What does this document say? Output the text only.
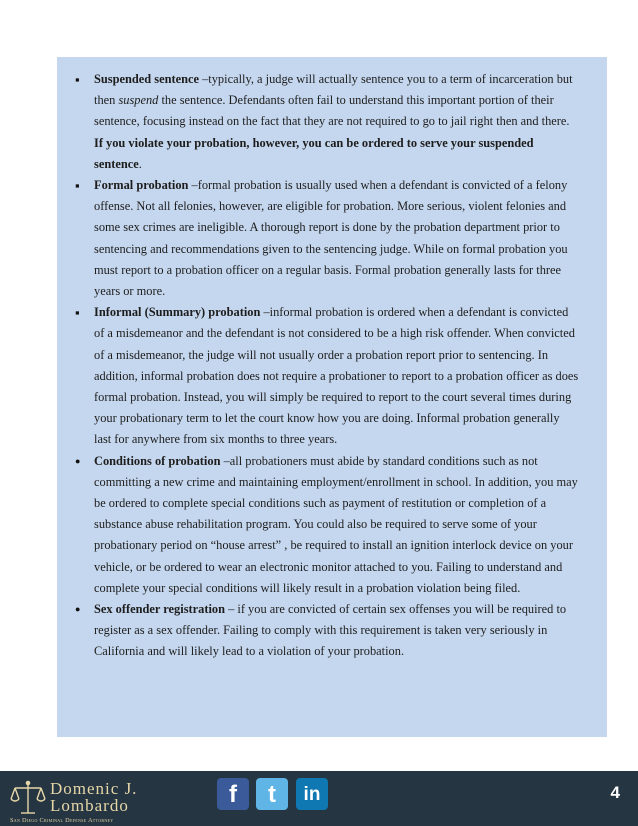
▪
Suspended sentence –typically, a judge will actually sentence you to a term of incarceration but then suspend the sentence. Defendants often fail to understand this important portion of their sentence, focusing instead on the fact that they are not required to go to jail right then and there. If you violate your probation, however, you can be ordered to serve your suspended sentence.
▪
Formal probation –formal probation is usually used when a defendant is convicted of a felony offense. Not all felonies, however, are eligible for probation. More serious, violent felonies and some sex crimes are ineligible. A thorough report is done by the probation department prior to sentencing and recommendations given to the sentencing judge. While on formal probation you must report to a probation officer on a regular basis. Formal probation generally lasts for three years or more.
▪
Informal (Summary) probation –informal probation is ordered when a defendant is convicted of a misdemeanor and the defendant is not considered to be a high risk offender. When convicted of a misdemeanor, the judge will not usually order a probation report prior to sentencing. In addition, informal probation does not require a probationer to report to a probation officer as does formal probation. Instead, you will simply be required to report to the court several times during your probationary term to let the court know how you are doing. Informal probation generally last for anywhere from six months to three years.
●
Conditions of probation –all probationers must abide by standard conditions such as not committing a new crime and maintaining employment/enrollment in school. In addition, you may be ordered to complete special conditions such as payment of restitution or completion of a substance abuse rehabilitation program. You could also be required to serve some of your probationary period on “house arrest” , be required to install an ignition interlock device on your vehicle, or be ordered to wear an electronic monitor attached to you. Failing to understand and complete your special conditions will likely result in a probation violation being filed.
●
Sex offender registration – if you are convicted of certain sex offenses you will be required to register as a sex offender. Failing to comply with this requirement is taken very seriously in California and will likely lead to a violation of your probation.
Domenic J.
Lombardo
San Diego Criminal Defense Attorney
f	t	in	4
